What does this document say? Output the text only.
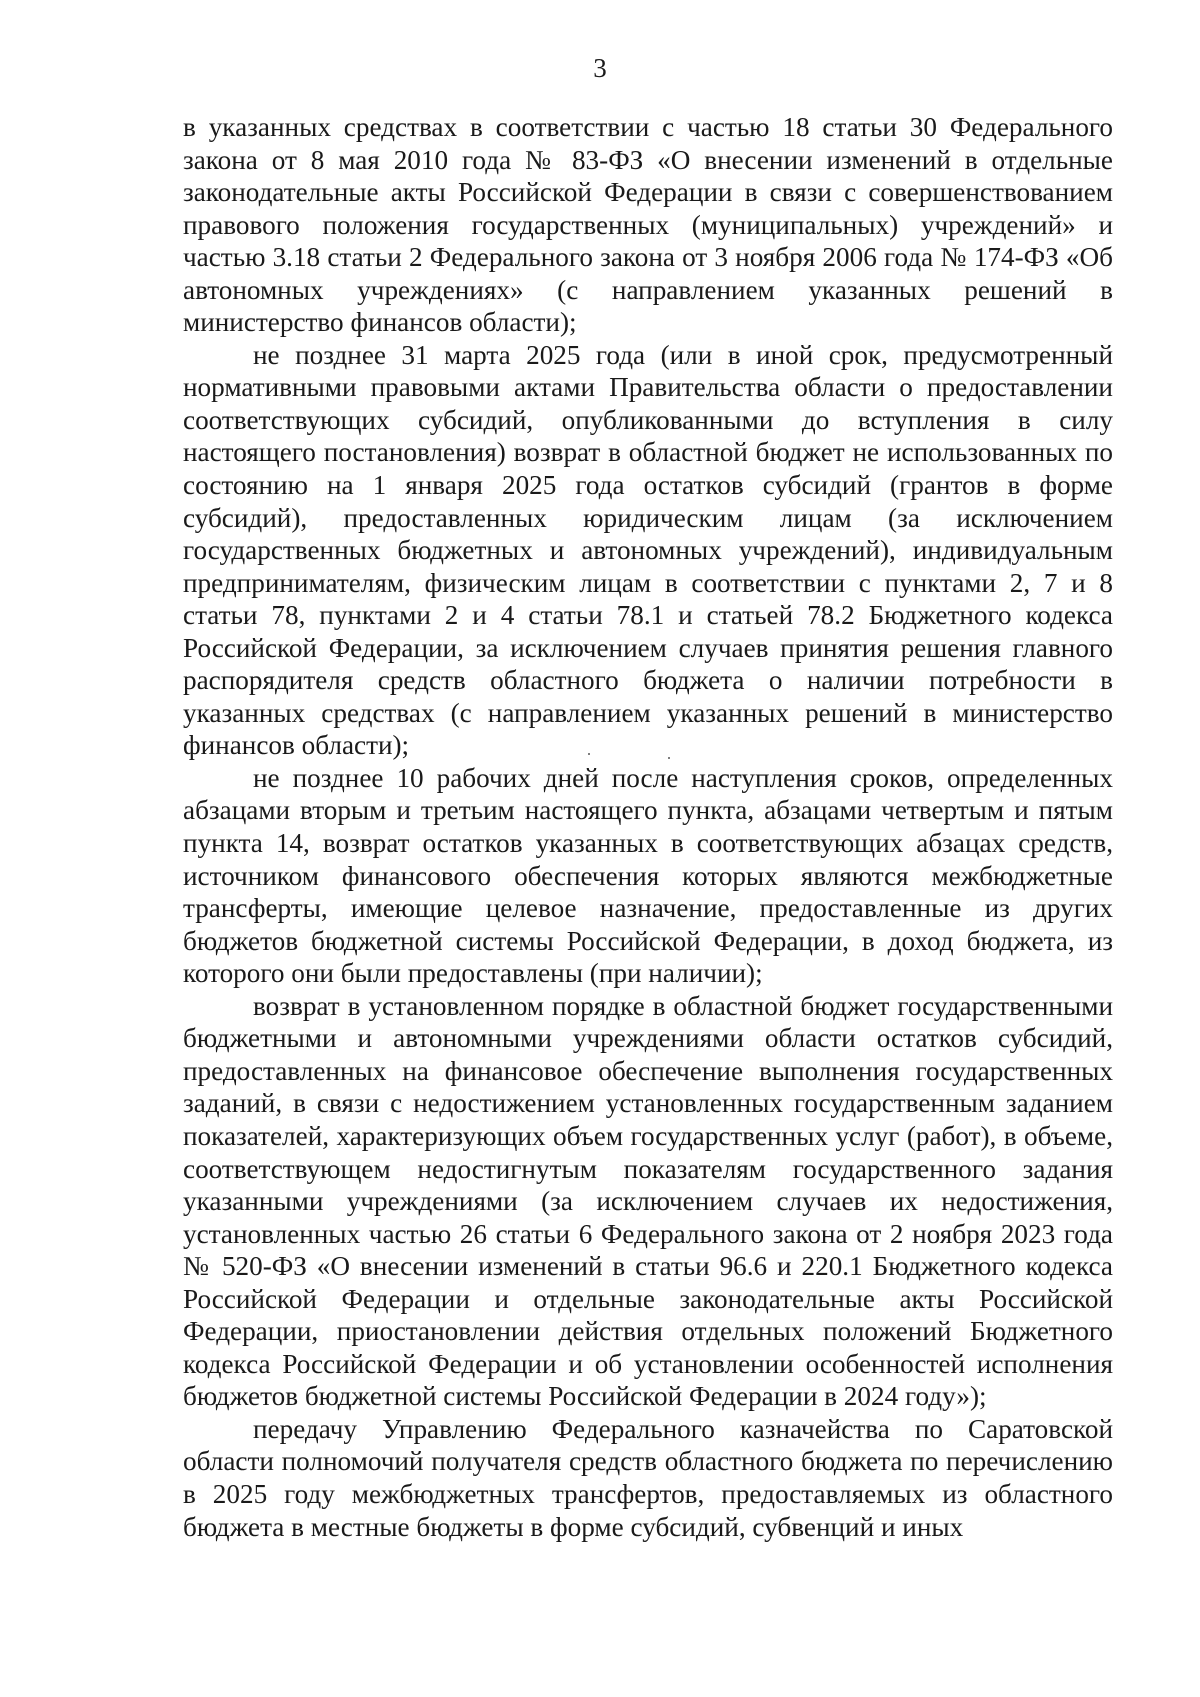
3

в указанных средствах в соответствии с частью 18 статьи 30 Федерального закона от 8 мая 2010 года № 83-ФЗ «О внесении изменений в отдельные законодательные акты Российской Федерации в связи с совершенствованием правового положения государственных (муниципальных) учреждений» и частью 3.18 статьи 2 Федерального закона от 3 ноября 2006 года № 174-ФЗ «Об автономных учреждениях» (с направлением указанных решений в министерство финансов области);

не позднее 31 марта 2025 года (или в иной срок, предусмотренный нормативными правовыми актами Правительства области о предоставлении соответствующих субсидий, опубликованными до вступления в силу настоящего постановления) возврат в областной бюджет не использованных по состоянию на 1 января 2025 года остатков субсидий (грантов в форме субсидий), предоставленных юридическим лицам (за исключением государственных бюджетных и автономных учреждений), индивидуальным предпринимателям, физическим лицам в соответствии с пунктами 2, 7 и 8 статьи 78, пунктами 2 и 4 статьи 78.1 и статьей 78.2 Бюджетного кодекса Российской Федерации, за исключением случаев принятия решения главного распорядителя средств областного бюджета о наличии потребности в указанных средствах (с направлением указанных решений в министерство финансов области);

не позднее 10 рабочих дней после наступления сроков, определенных абзацами вторым и третьим настоящего пункта, абзацами четвертым и пятым пункта 14, возврат остатков указанных в соответствующих абзацах средств, источником финансового обеспечения которых являются межбюджетные трансферты, имеющие целевое назначение, предоставленные из других бюджетов бюджетной системы Российской Федерации, в доход бюджета, из которого они были предоставлены (при наличии);

возврат в установленном порядке в областной бюджет государственными бюджетными и автономными учреждениями области остатков субсидий, предоставленных на финансовое обеспечение выполнения государственных заданий, в связи с недостижением установленных государственным заданием показателей, характеризующих объем государственных услуг (работ), в объеме, соответствующем недостигнутым показателям государственного задания указанными учреждениями (за исключением случаев их недостижения, установленных частью 26 статьи 6 Федерального закона от 2 ноября 2023 года № 520-ФЗ «О внесении изменений в статьи 96.6 и 220.1 Бюджетного кодекса Российской Федерации и отдельные законодательные акты Российской Федерации, приостановлении действия отдельных положений Бюджетного кодекса Российской Федерации и об установлении особенностей исполнения бюджетов бюджетной системы Российской Федерации в 2024 году»);

передачу Управлению Федерального казначейства по Саратовской области полномочий получателя средств областного бюджета по перечислению в 2025 году межбюджетных трансфертов, предоставляемых из областного бюджета в местные бюджеты в форме субсидий, субвенций и иных
